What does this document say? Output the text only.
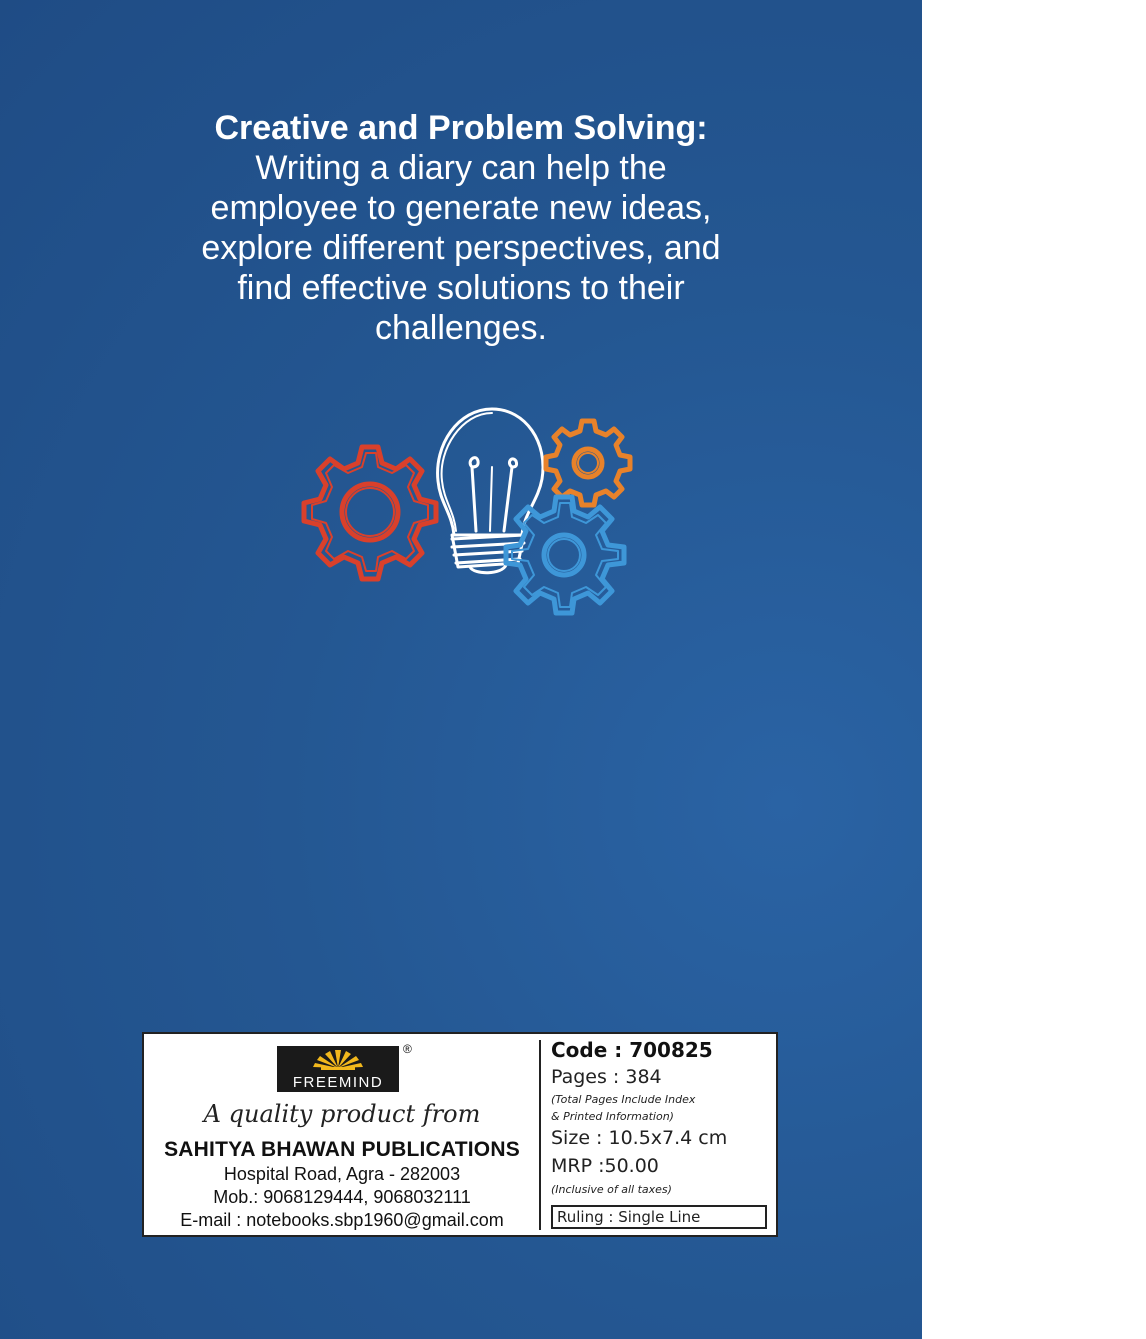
Creative and Problem Solving:
Writing a diary can help the
employee to generate new ideas,
explore different perspectives, and
find effective solutions to their
challenges.
FREEMIND
®
A quality product from
SAHITYA BHAWAN PUBLICATIONS
Hospital Road, Agra - 282003
Mob.: 9068129444, 9068032111
E-mail : notebooks.sbp1960@gmail.com
Code : 700825
Pages : 384
(Total Pages Include Index
& Printed Information)
Size : 10.5x7.4 cm
MRP :50.00
(Inclusive of all taxes)
Ruling : Single Line
